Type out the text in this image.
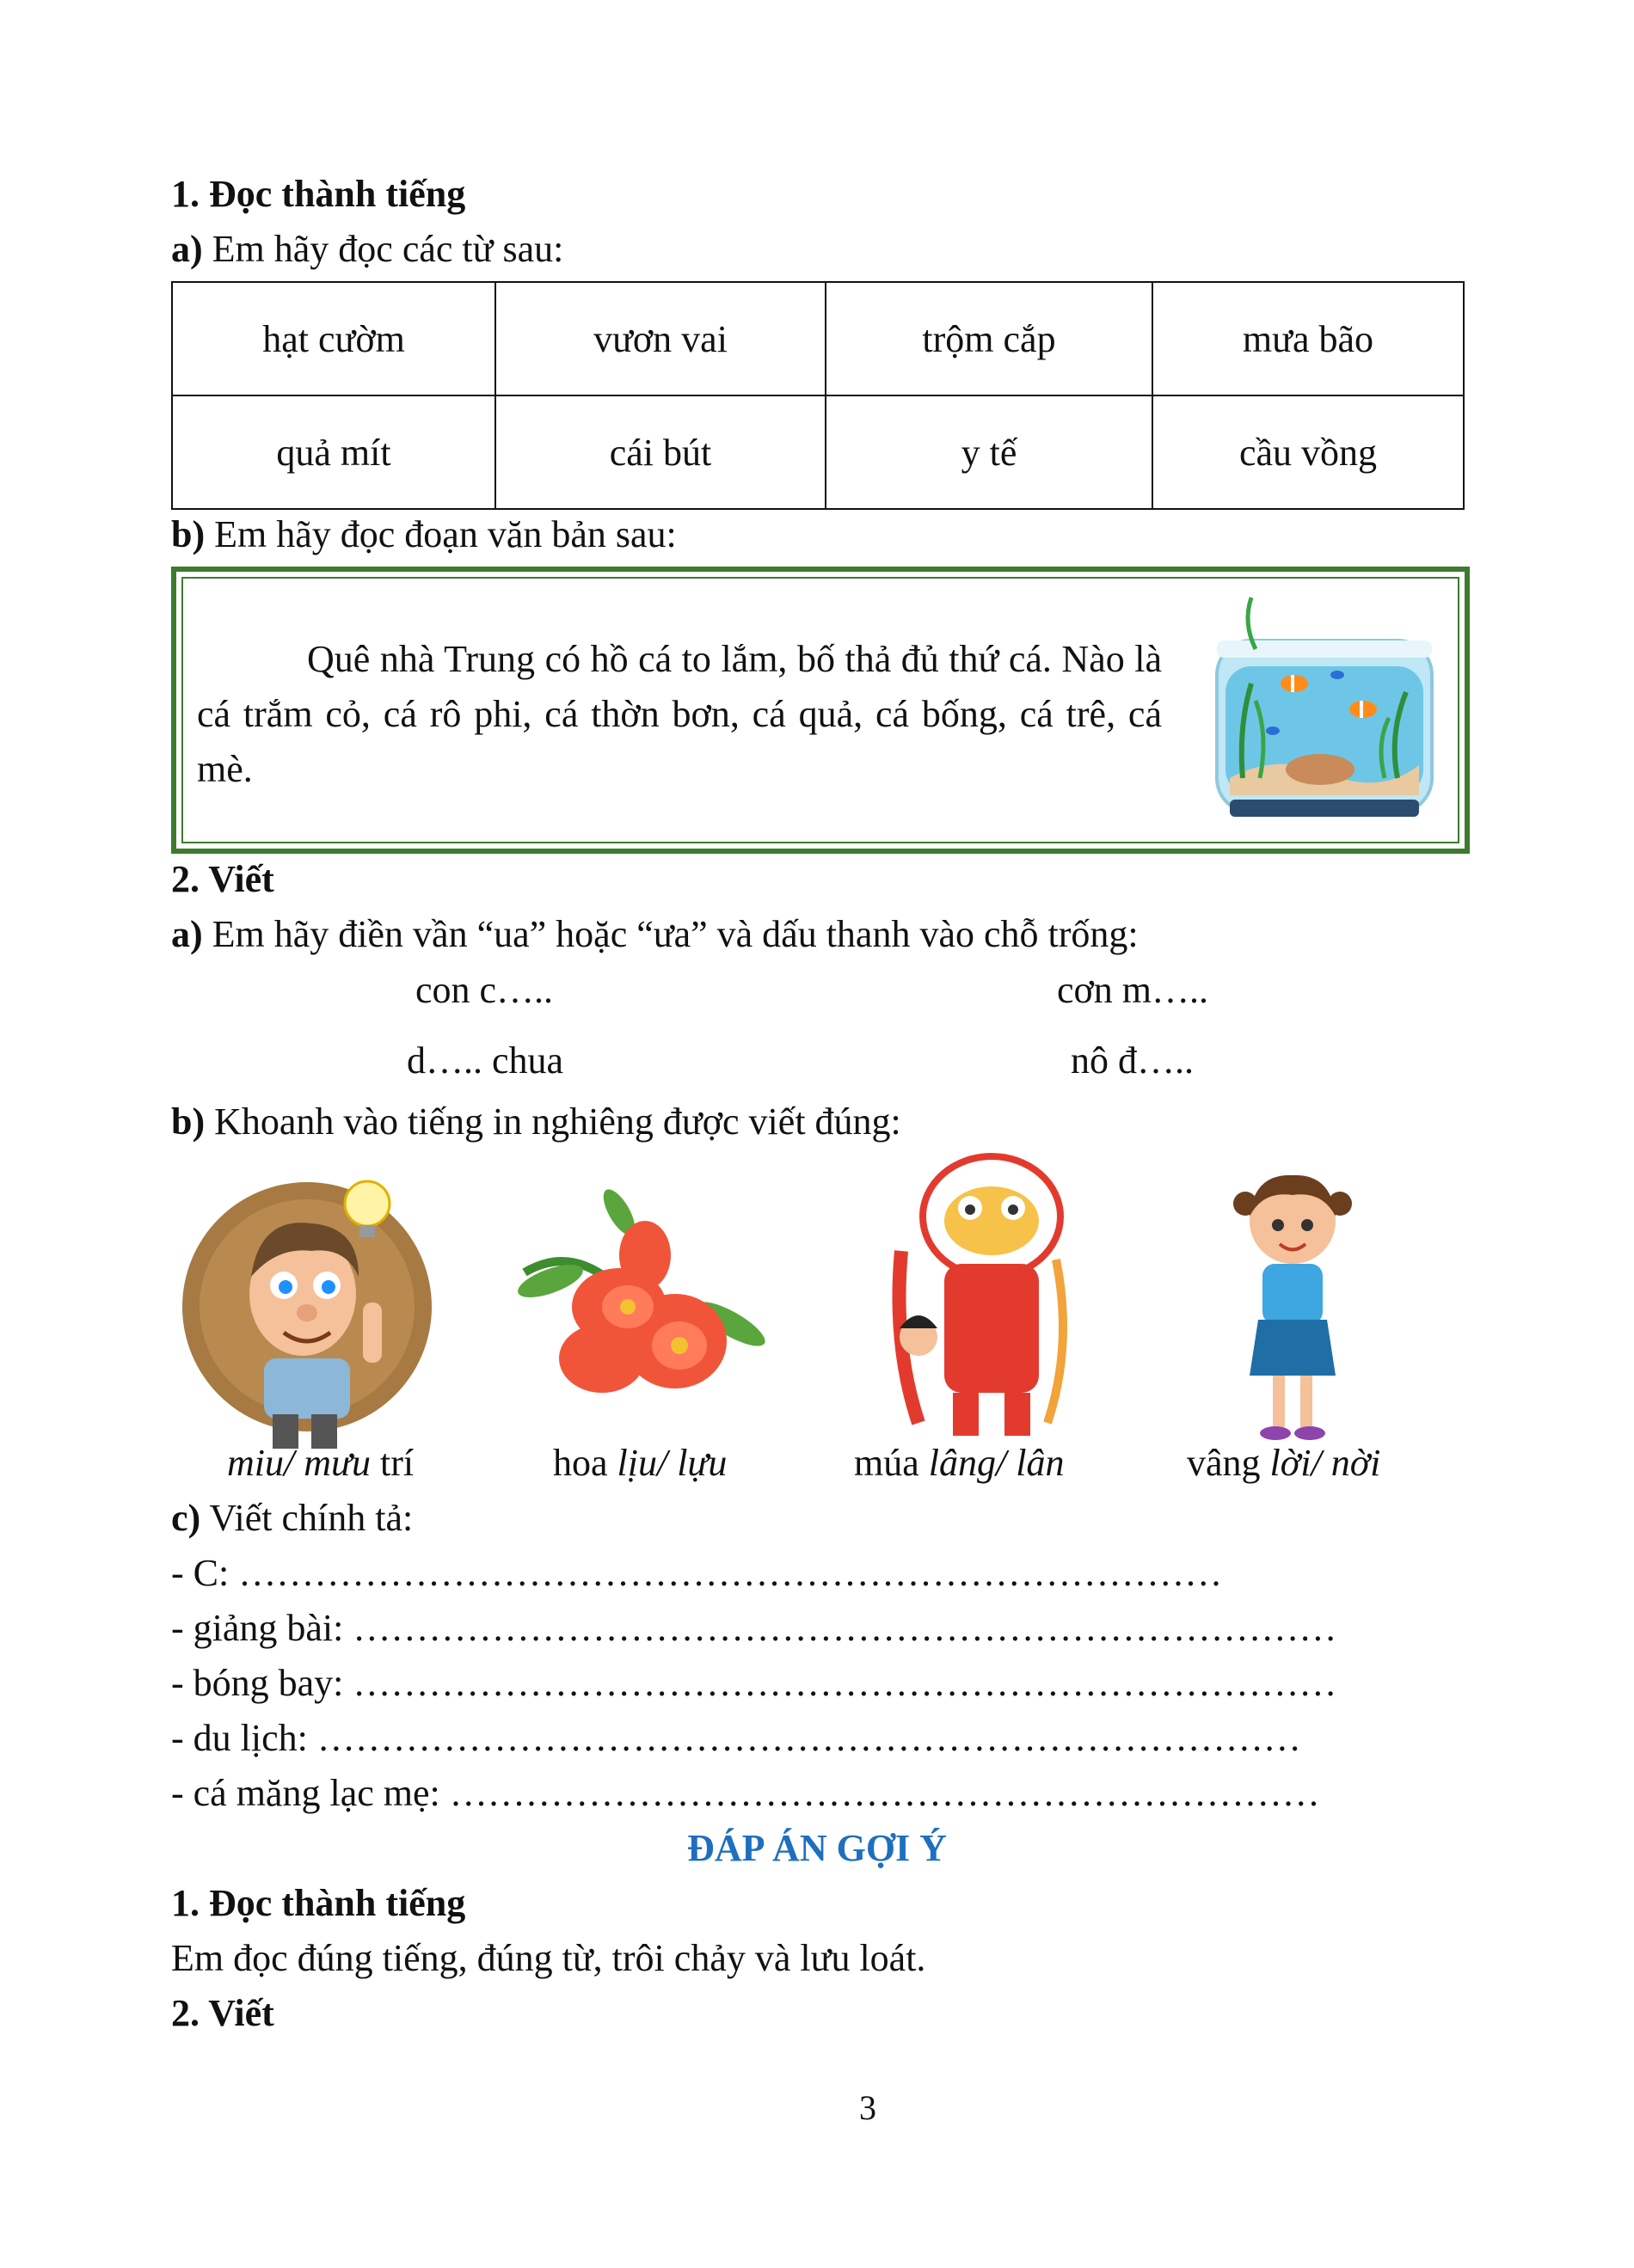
1. Đọc thành tiếng
a) Em hãy đọc các từ sau:
hạt cườm	vươn vai	trộm cắp	mưa bão
quả mít	cái bút	y tế	cầu vồng
b) Em hãy đọc đoạn văn bản sau:
Quê nhà Trung có hồ cá to lắm, bố thả đủ thứ cá. Nào là cá trắm cỏ, cá rô phi, cá thờn bơn, cá quả, cá bống, cá trê, cá mè.
2. Viết
a) Em hãy điền vần “ua” hoặc “ưa” và dấu thanh vào chỗ trống:
con c…..	cơn m…..
d….. chua	nô đ…..
b) Khoanh vào tiếng in nghiêng được viết đúng:
miu/ mưu trí	hoa lịu/ lựu	múa lâng/ lân	vâng lời/ nời
c) Viết chính tả:
- C: ……………………………………………………………………
- giảng bài: ……………………………………………………………………
- bóng bay: ……………………………………………………………………
- du lịch: ……………………………………………………………………
- cá măng lạc mẹ: ……………………………………………………………
ĐÁP ÁN GỢI Ý
1. Đọc thành tiếng
Em đọc đúng tiếng, đúng từ, trôi chảy và lưu loát.
2. Viết
3
